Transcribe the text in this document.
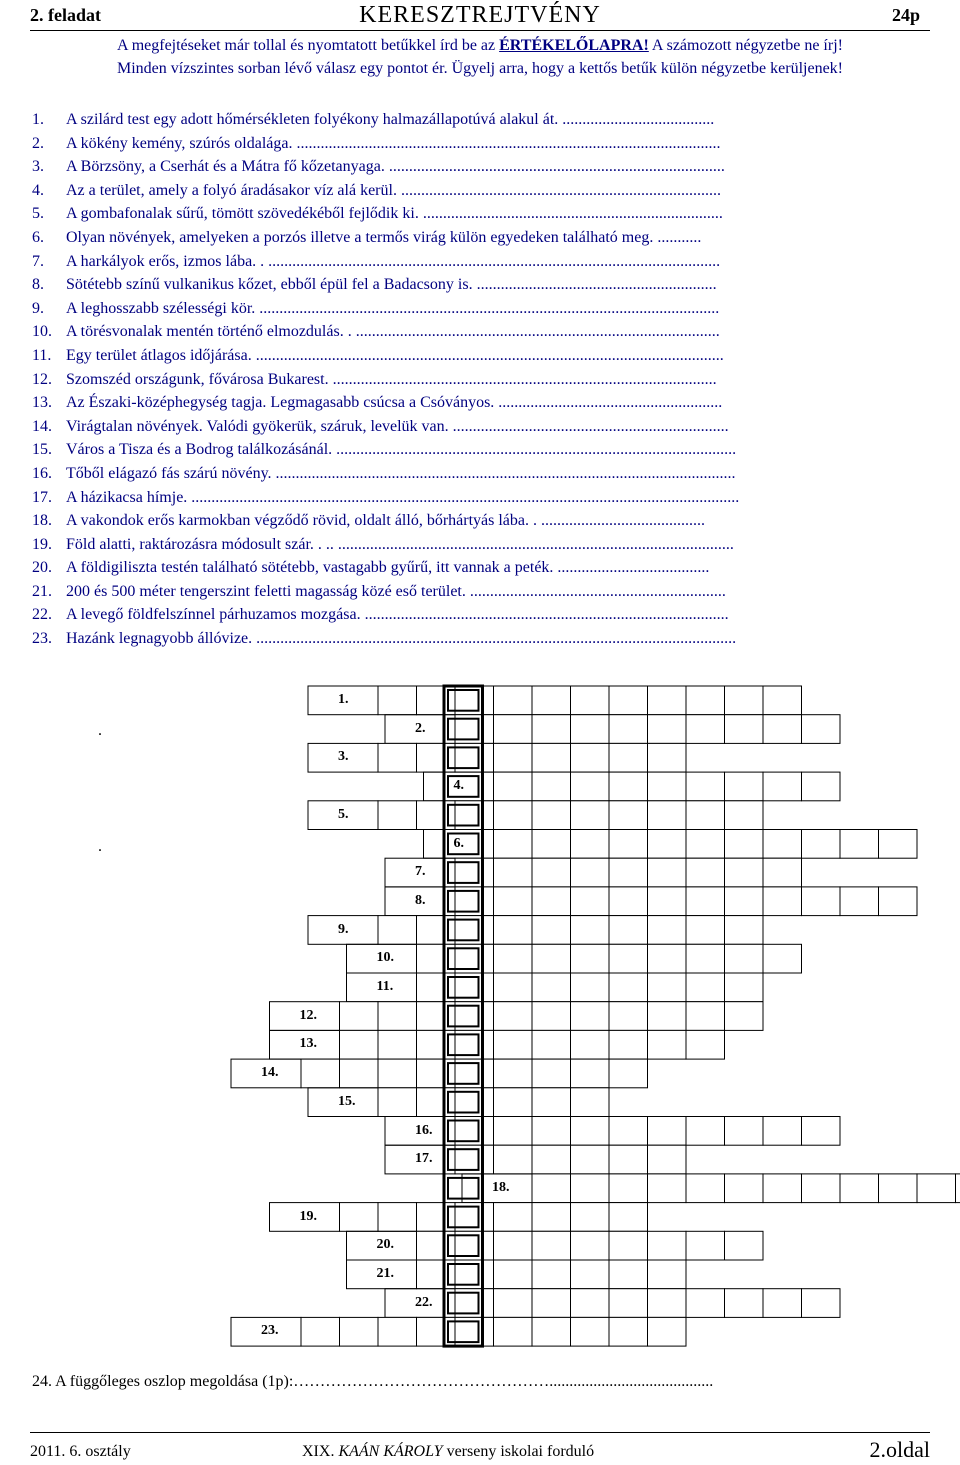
2. feladat	KERESZTREJTVÉNY	24p
A megfejtéseket már tollal és nyomtatott betűkkel írd be az ÉRTÉKELŐLAPRA! A számozott négyzetbe ne írj!
Minden vízszintes sorban lévő válasz egy pontot ér. Ügyelj arra, hogy a kettős betűk külön négyzetbe kerüljenek!
1. A szilárd test egy adott hőmérsékleten folyékony halmazállapotúvá alakul át. ......................................
2. A kökény kemény, szúrós oldalága. ..........................................................................................................
3. A Börzsöny, a Cserhát és a Mátra fő kőzetanyaga. ....................................................................................
4. Az a terület, amely a folyó áradásakor víz alá kerül. ................................................................................
5. A gombafonalak sűrű, tömött szövedékéből fejlődik ki. ...........................................................................
6. Olyan növények, amelyeken a porzós illetve a termős virág külön egyedeken található meg. ...........
7. A harkályok erős, izmos lába. . .................................................................................................................
8. Sötétebb színű vulkanikus kőzet, ebből épül fel a Badacsony is. ............................................................
9. A leghosszabb szélességi kör. ...................................................................................................................
10. A törésvonalak mentén történő elmozdulás. . ...........................................................................................
11. Egy terület átlagos időjárása. .....................................................................................................................
12. Szomszéd országunk, fővárosa Bukarest. ................................................................................................
13. Az Északi-középhegység tagja. Legmagasabb csúcsa a Csóványos. ........................................................
14. Virágtalan növények. Valódi gyökerük, száruk, levelük van. .....................................................................
15. Város a Tisza és a Bodrog találkozásánál. ....................................................................................................
16. Tőből elágazó fás szárú növény. ...................................................................................................................
17. A házikacsa hímje. .........................................................................................................................................
18. A vakondok erős karmokban végződő rövid, oldalt álló, bőrhártyás lába. . .........................................
19. Föld alatti, raktározásra módosult szár. . .. ...................................................................................................
20. A földigiliszta testén található sötétebb, vastagabb gyűrű, itt vannak a peték. ......................................
21. 200 és 500 méter tengerszint feletti magasság közé eső terület. ................................................................
22. A levegő földfelszínnel párhuzamos mozgása. ...........................................................................................
23. Hazánk legnagyobb állóvize. ........................................................................................................................
1.
2.
3.
4.
5.
6.
7.
8.
9.
10.
11.
12.
13.
14.
15.
16.
17.
18.
19.
20.
21.
22.
23.
.
.
24. A függőleges oszlop megoldása (1p):………………………………………….........................................
2011. 6. osztály	XIX. KAÁN KÁROLY verseny iskolai forduló	2.oldal
